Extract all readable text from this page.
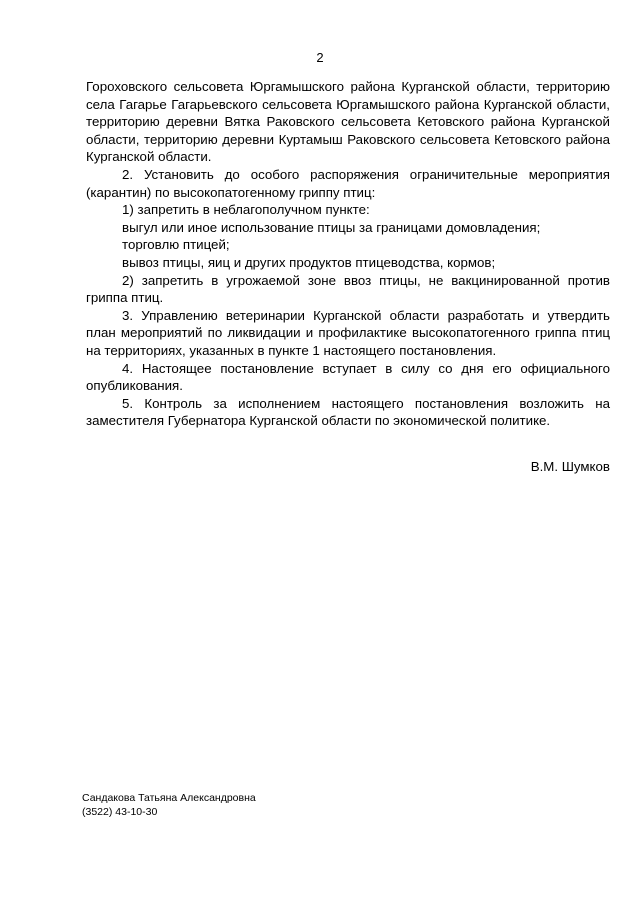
2

Гороховского сельсовета Юргамышского района Курганской области, территорию села Гагарье Гагарьевского сельсовета Юргамышского района Курганской области, территорию деревни Вятка Раковского сельсовета Кетовского района Курганской области, территорию деревни Куртамыш Раковского сельсовета Кетовского района Курганской области.

2. Установить до особого распоряжения ограничительные мероприятия (карантин) по высокопатогенному гриппу птиц:

1) запретить в неблагополучном пункте:

выгул или иное использование птицы за границами домовладения;

торговлю птицей;

вывоз птицы, яиц и других продуктов птицеводства, кормов;

2) запретить в угрожаемой зоне ввоз птицы, не вакцинированной против гриппа птиц.

3. Управлению ветеринарии Курганской области разработать и утвердить план мероприятий по ликвидации и профилактике высокопатогенного гриппа птиц на территориях, указанных в пункте 1 настоящего постановления.

4. Настоящее постановление вступает в силу со дня его официального опубликования.

5. Контроль за исполнением настоящего постановления возложить на заместителя Губернатора Курганской области по экономической политике.

В.М. Шумков
Сандакова Татьяна Александровна
(3522) 43-10-30
